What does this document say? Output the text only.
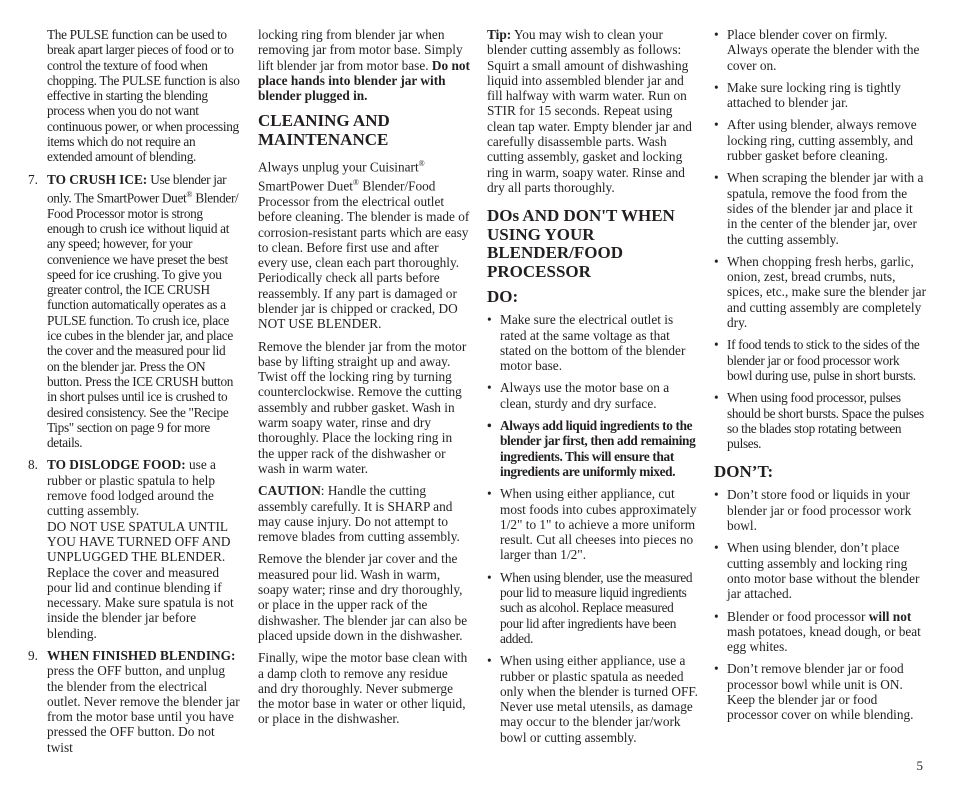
The PULSE function can be used to break apart larger pieces of food or to control the texture of food when chopping. The PULSE function is also effective in starting the blending process when you do not want continuous power, or when processing items which do not require an extended amount of blending.

7. TO CRUSH ICE: Use blender jar only. The SmartPower Duet® Blender/ Food Processor motor is strong enough to crush ice without liquid at any speed; however, for your convenience we have preset the best speed for ice crushing. To give you greater control, the ICE CRUSH function automatically operates as a PULSE function. To crush ice, place ice cubes in the blender jar, and place the cover and the measured pour lid on the blender jar. Press the ON button. Press the ICE CRUSH button in short pulses until ice is crushed to desired consistency. See the "Recipe Tips" section on page 9 for more details.
8. TO DISLODGE FOOD: use a rubber or plastic spatula to help remove food lodged around the cutting assembly.
DO NOT USE SPATULA UNTIL YOU HAVE TURNED OFF AND UNPLUGGED THE BLENDER. Replace the cover and measured pour lid and continue blending if necessary. Make sure spatula is not inside the blender jar before blending.
9. WHEN FINISHED BLENDING: press the OFF button, and unplug the blender from the electrical outlet. Never remove the blender jar from the motor base until you have pressed the OFF button. Do not twist

locking ring from blender jar when removing jar from motor base. Simply lift blender jar from motor base. Do not place hands into blender jar with blender plugged in.

CLEANING AND MAINTENANCE

Always unplug your Cuisinart® SmartPower Duet® Blender/Food Processor from the electrical outlet before cleaning. The blender is made of corrosion-resistant parts which are easy to clean. Before first use and after every use, clean each part thoroughly. Periodically check all parts before reassembly. If any part is damaged or blender jar is chipped or cracked, DO NOT USE BLENDER.

Remove the blender jar from the motor base by lifting straight up and away. Twist off the locking ring by turning counterclockwise. Remove the cutting assembly and rubber gasket. Wash in warm soapy water, rinse and dry thoroughly. Place the locking ring in the upper rack of the dishwasher or wash in warm water.

CAUTION: Handle the cutting assembly carefully. It is SHARP and may cause injury. Do not attempt to remove blades from cutting assembly.

Remove the blender jar cover and the measured pour lid. Wash in warm, soapy water; rinse and dry thoroughly, or place in the upper rack of the dishwasher. The blender jar can also be placed upside down in the dishwasher.

Finally, wipe the motor base clean with a damp cloth to remove any residue and dry thoroughly. Never submerge the motor base in water or other liquid, or place in the dishwasher.

Tip: You may wish to clean your blender cutting assembly as follows: Squirt a small amount of dishwashing liquid into assembled blender jar and fill halfway with warm water. Run on STIR for 15 seconds. Repeat using clean tap water. Empty blender jar and carefully disassemble parts. Wash cutting assembly, gasket and locking ring in warm, soapy water. Rinse and dry all parts thoroughly.

DOs AND DON'T WHEN USING YOUR BLENDER/FOOD PROCESSOR
DO:
• Make sure the electrical outlet is rated at the same voltage as that stated on the bottom of the blender motor base.
• Always use the motor base on a clean, sturdy and dry surface.
• Always add liquid ingredients to the blender jar first, then add remaining ingredients. This will ensure that ingredients are uniformly mixed.
• When using either appliance, cut most foods into cubes approximately 1/2" to 1" to achieve a more uniform result. Cut all cheeses into pieces no larger than 1/2".
• When using blender, use the measured pour lid to measure liquid ingredients such as alcohol. Replace measured pour lid after ingredients have been added.
• When using either appliance, use a rubber or plastic spatula as needed only when the blender is turned OFF. Never use metal utensils, as damage may occur to the blender jar/work bowl or cutting assembly.
• Place blender cover on firmly. Always operate the blender with the cover on.
• Make sure locking ring is tightly attached to blender jar.
• After using blender, always remove locking ring, cutting assembly, and rubber gasket before cleaning.
• When scraping the blender jar with a spatula, remove the food from the sides of the blender jar and place it in the center of the blender jar, over the cutting assembly.
• When chopping fresh herbs, garlic, onion, zest, bread crumbs, nuts, spices, etc., make sure the blender jar and cutting assembly are completely dry.
• If food tends to stick to the sides of the blender jar or food processor work bowl during use, pulse in short bursts.
• When using food processor, pulses should be short bursts. Space the pulses so the blades stop rotating between pulses.
DON’T:
• Don’t store food or liquids in your blender jar or food processor work bowl.
• When using blender, don’t place cutting assembly and locking ring onto motor base without the blender jar attached.
• Blender or food processor will not mash potatoes, knead dough, or beat egg whites.
• Don’t remove blender jar or food processor bowl while unit is ON. Keep the blender jar or food processor cover on while blending.
5
